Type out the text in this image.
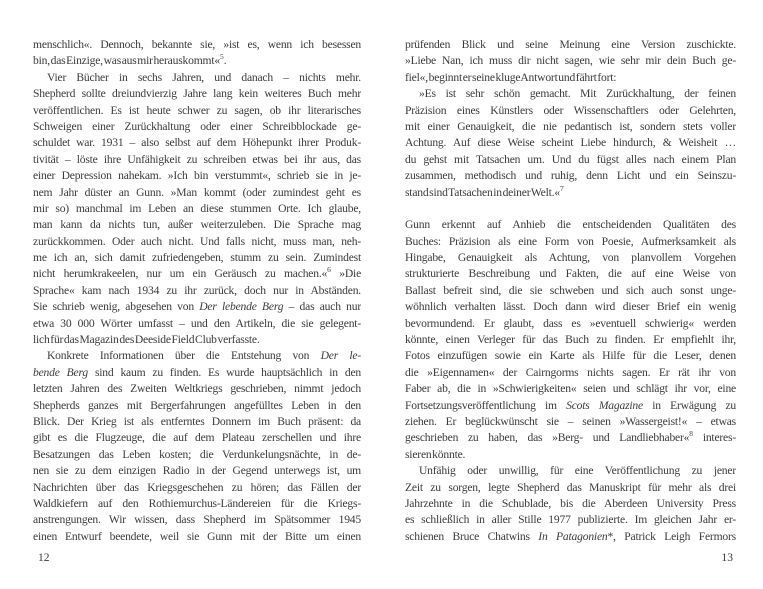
menschlich«. Dennoch, bekannte sie, »ist es, wenn ich besessen
bin, das Einzige, was aus mir herauskommt«$^5$.
Vier Bücher in sechs Jahren, und danach – nichts mehr.
Shepherd sollte dreiundvierzig Jahre lang kein weiteres Buch mehr
veröffentlichen. Es ist heute schwer zu sagen, ob ihr literarisches
Schweigen einer Zurückhaltung oder einer Schreibblockade ge-
schuldet war. 1931 – also selbst auf dem Höhepunkt ihrer Produk-
tivität – löste ihre Unfähigkeit zu schreiben etwas bei ihr aus, das
einer Depression nahekam. »Ich bin verstummt«, schrieb sie in je-
nem Jahr düster an Gunn. »Man kommt (oder zumindest geht es
mir so) manchmal im Leben an diese stummen Orte. Ich glaube,
man kann da nichts tun, außer weiterzuleben. Die Sprache mag
zurückkommen. Oder auch nicht. Und falls nicht, muss man, neh-
me ich an, sich damit zufriedengeben, stumm zu sein. Zumindest
nicht herumkrakeelen, nur um ein Geräusch zu machen.«$^6$ »Die
Sprache« kam nach 1934 zu ihr zurück, doch nur in Abständen.
Sie schrieb wenig, abgesehen von Der lebende Berg – das auch nur
etwa 30 000 Wörter umfasst – und den Artikeln, die sie gelegent-
lich für das Magazin des Deeside Field Club verfasste.
Konkrete Informationen über die Entstehung von Der le-
bende Berg sind kaum zu finden. Es wurde hauptsächlich in den
letzten Jahren des Zweiten Weltkriegs geschrieben, nimmt jedoch
Shepherds ganzes mit Bergerfahrungen angefülltes Leben in den
Blick. Der Krieg ist als entferntes Donnern im Buch präsent: da
gibt es die Flugzeuge, die auf dem Plateau zerschellen und ihre
Besatzungen das Leben kosten; die Verdunkelungsnächte, in de-
nen sie zu dem einzigen Radio in der Gegend unterwegs ist, um
Nachrichten über das Kriegsgeschehen zu hören; das Fällen der
Waldkiefern auf den Rothiemurchus-Ländereien für die Kriegs-
anstrengungen. Wir wissen, dass Shepherd im Spätsommer 1945
einen Entwurf beendete, weil sie Gunn mit der Bitte um einen
prüfenden Blick und seine Meinung eine Version zuschickte.
»Liebe Nan, ich muss dir nicht sagen, wie sehr mir dein Buch ge-
fiel«, beginnt er seine kluge Antwort und fährt fort:
»Es ist sehr schön gemacht. Mit Zurückhaltung, der feinen
Präzision eines Künstlers oder Wissenschaftlers oder Gelehrten,
mit einer Genauigkeit, die nie pedantisch ist, sondern stets voller
Achtung. Auf diese Weise scheint Liebe hindurch, & Weisheit …
du gehst mit Tatsachen um. Und du fügst alles nach einem Plan
zusammen, methodisch und ruhig, denn Licht und ein Seinszu-
stand sind Tatsachen in deiner Welt.«$^7$
Gunn erkennt auf Anhieb die entscheidenden Qualitäten des
Buches: Präzision als eine Form von Poesie, Aufmerksamkeit als
Hingabe, Genauigkeit als Achtung, von planvollem Vorgehen
strukturierte Beschreibung und Fakten, die auf eine Weise von
Ballast befreit sind, die sie schweben und sich auch sonst unge-
wöhnlich verhalten lässt. Doch dann wird dieser Brief ein wenig
bevormundend. Er glaubt, dass es »eventuell schwierig« werden
könnte, einen Verleger für das Buch zu finden. Er empfiehlt ihr,
Fotos einzufügen sowie ein Karte als Hilfe für die Leser, denen
die »Eigennamen« der Cairngorms nichts sagen. Er rät ihr von
Faber ab, die in »Schwierigkeiten« seien und schlägt ihr vor, eine
Fortsetzungsveröffentlichung im Scots Magazine in Erwägung zu
ziehen. Er beglückwünscht sie – seinen »Wassergeist!« – etwas
geschrieben zu haben, das »Berg- und Landliebhaber«$^8$ interes-
sieren könnte.
Unfähig oder unwillig, für eine Veröffentlichung zu jener
Zeit zu sorgen, legte Shepherd das Manuskript für mehr als drei
Jahrzehnte in die Schublade, bis die Aberdeen University Press
es schließlich in aller Stille 1977 publizierte. Im gleichen Jahr er-
schienen Bruce Chatwins In Patagonien*, Patrick Leigh Fermors
12	13
